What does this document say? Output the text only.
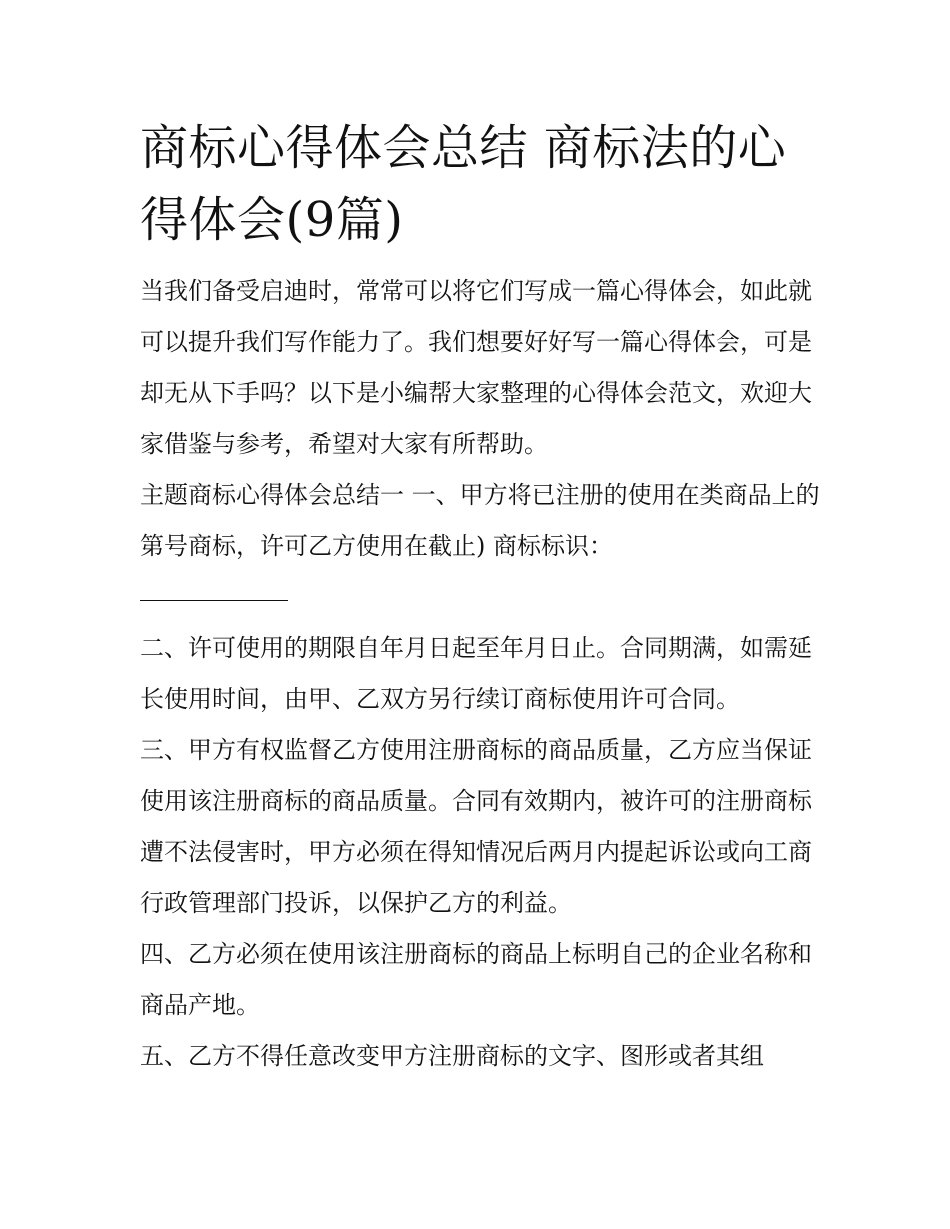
商标心得体会总结 商标法的心得体会(9篇)

当我们备受启迪时，常常可以将它们写成一篇心得体会，如此就可以提升我们写作能力了。我们想要好好写一篇心得体会，可是却无从下手吗？以下是小编帮大家整理的心得体会范文，欢迎大家借鉴与参考，希望对大家有所帮助。

主题商标心得体会总结一 一、甲方将已注册的使用在类商品上的第号商标，许可乙方使用在截止) 商标标识：

二、许可使用的期限自年月日起至年月日止。合同期满，如需延长使用时间，由甲、乙双方另行续订商标使用许可合同。

三、甲方有权监督乙方使用注册商标的商品质量，乙方应当保证使用该注册商标的商品质量。合同有效期内，被许可的注册商标遭不法侵害时，甲方必须在得知情况后两月内提起诉讼或向工商行政管理部门投诉，以保护乙方的利益。

四、乙方必须在使用该注册商标的商品上标明自己的企业名称和商品产地。

五、乙方不得任意改变甲方注册商标的文字、图形或者其组
